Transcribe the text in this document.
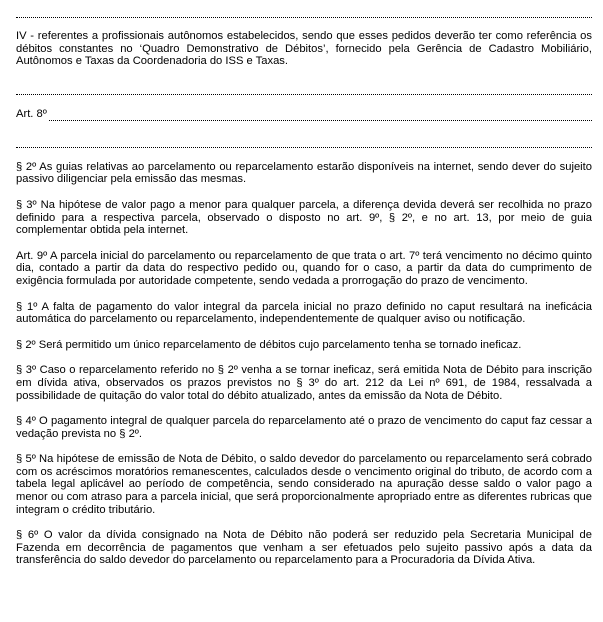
IV - referentes a profissionais autônomos estabelecidos, sendo que esses pedidos deverão ter como referência os débitos constantes no ‘Quadro Demonstrativo de Débitos’, fornecido pela Gerência de Cadastro Mobiliário, Autônomos e Taxas da Coordenadoria do ISS e Taxas.

Art. 8º

§ 2º As guias relativas ao parcelamento ou reparcelamento estarão disponíveis na internet, sendo dever do sujeito passivo diligenciar pela emissão das mesmas.

§ 3º Na hipótese de valor pago a menor para qualquer parcela, a diferença devida deverá ser recolhida no prazo definido para a respectiva parcela, observado o disposto no art. 9º, § 2º, e no art. 13, por meio de guia complementar obtida pela internet.

Art. 9º A parcela inicial do parcelamento ou reparcelamento de que trata o art. 7º terá vencimento no décimo quinto dia, contado a partir da data do respectivo pedido ou, quando for o caso, a partir da data do cumprimento de exigência formulada por autoridade competente, sendo vedada a prorrogação do prazo de vencimento.

§ 1º A falta de pagamento do valor integral da parcela inicial no prazo definido no caput resultará na ineficácia automática do parcelamento ou reparcelamento, independentemente de qualquer aviso ou notificação.

§ 2º Será permitido um único reparcelamento de débitos cujo parcelamento tenha se tornado ineficaz.

§ 3º Caso o reparcelamento referido no § 2º venha a se tornar ineficaz, será emitida Nota de Débito para inscrição em dívida ativa, observados os prazos previstos no § 3º do art. 212 da Lei nº 691, de 1984, ressalvada a possibilidade de quitação do valor total do débito atualizado, antes da emissão da Nota de Débito.

§ 4º O pagamento integral de qualquer parcela do reparcelamento até o prazo de vencimento do caput faz cessar a vedação prevista no § 2º.

§ 5º Na hipótese de emissão de Nota de Débito, o saldo devedor do parcelamento ou reparcelamento será cobrado com os acréscimos moratórios remanescentes, calculados desde o vencimento original do tributo, de acordo com a tabela legal aplicável ao período de competência, sendo considerado na apuração desse saldo o valor pago a menor ou com atraso para a parcela inicial, que será proporcionalmente apropriado entre as diferentes rubricas que integram o crédito tributário.

§ 6º O valor da dívida consignado na Nota de Débito não poderá ser reduzido pela Secretaria Municipal de Fazenda em decorrência de pagamentos que venham a ser efetuados pelo sujeito passivo após a data da transferência do saldo devedor do parcelamento ou reparcelamento para a Procuradoria da Dívida Ativa.
